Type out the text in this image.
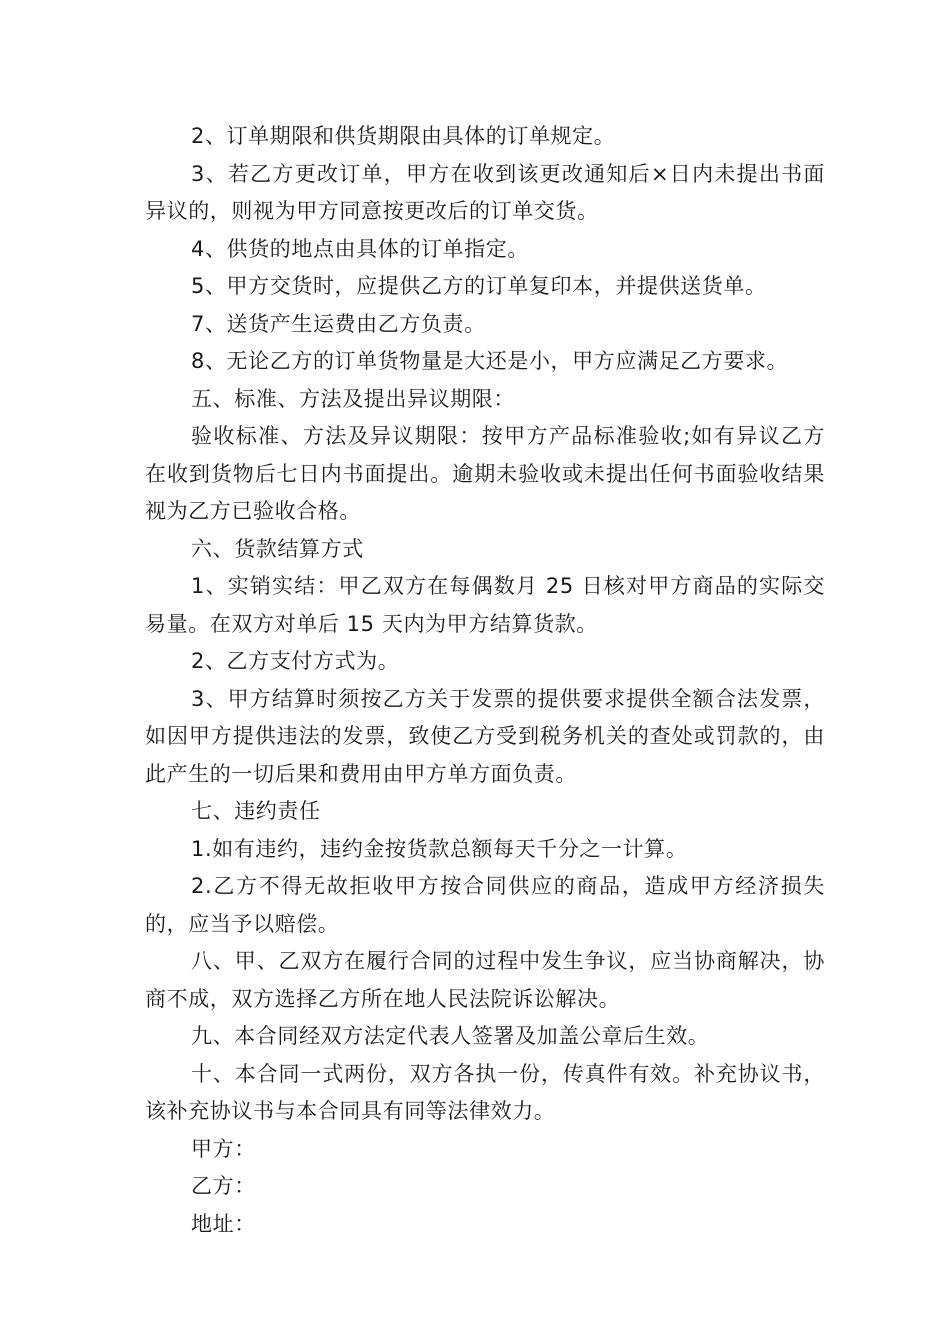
2、订单期限和供货期限由具体的订单规定。

3、若乙方更改订单，甲方在收到该更改通知后×日内未提出书面异议的，则视为甲方同意按更改后的订单交货。

4、供货的地点由具体的订单指定。

5、甲方交货时，应提供乙方的订单复印本，并提供送货单。

7、送货产生运费由乙方负责。

8、无论乙方的订单货物量是大还是小，甲方应满足乙方要求。

五、标准、方法及提出异议期限：

验收标准、方法及异议期限：按甲方产品标准验收;如有异议乙方在收到货物后七日内书面提出。逾期未验收或未提出任何书面验收结果视为乙方已验收合格。

六、货款结算方式

1、实销实结：甲乙双方在每偶数月 25 日核对甲方商品的实际交易量。在双方对单后 15 天内为甲方结算货款。

2、乙方支付方式为。

3、甲方结算时须按乙方关于发票的提供要求提供全额合法发票，如因甲方提供违法的发票，致使乙方受到税务机关的查处或罚款的，由此产生的一切后果和费用由甲方单方面负责。

七、违约责任

1.如有违约，违约金按货款总额每天千分之一计算。

2.乙方不得无故拒收甲方按合同供应的商品，造成甲方经济损失的，应当予以赔偿。

八、甲、乙双方在履行合同的过程中发生争议，应当协商解决，协商不成，双方选择乙方所在地人民法院诉讼解决。

九、本合同经双方法定代表人签署及加盖公章后生效。

十、本合同一式两份，双方各执一份，传真件有效。补充协议书，该补充协议书与本合同具有同等法律效力。

甲方：

乙方：

地址：
